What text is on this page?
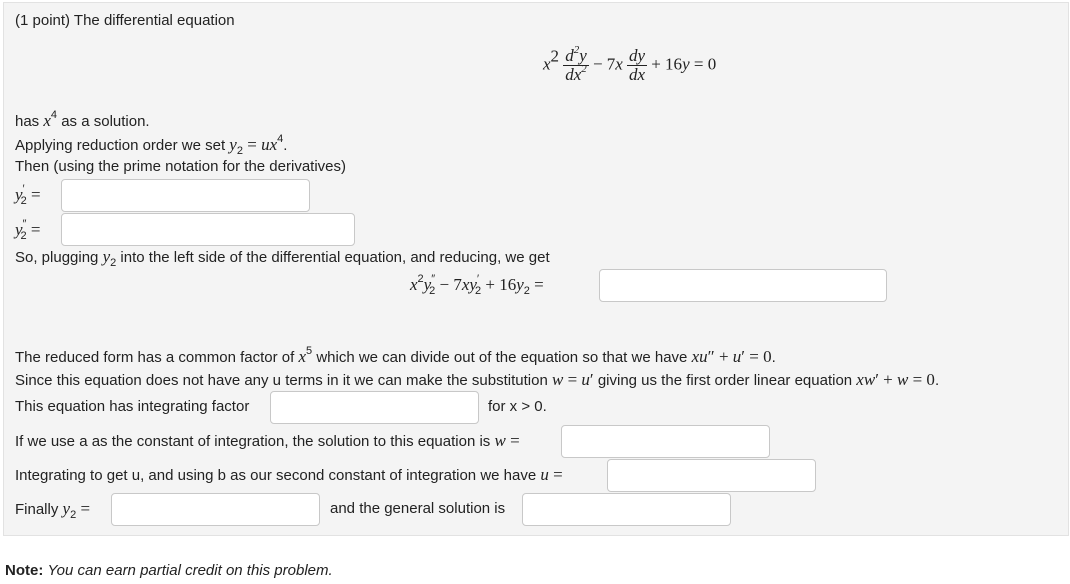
(1 point) The differential equation
$x^2 \frac{d^2y}{dx^2} - 7x \frac{dy}{dx} + 16y = 0$
has $x^4$ as a solution.
Applying reduction order we set $y_2 = ux^4$.
Then (using the prime notation for the derivatives)
$y'_2$ =
$y''_2$ =
So, plugging $y_2$ into the left side of the differential equation, and reducing, we get
$x^2y''_2 - 7xy'_2 + 16y_2$ =
The reduced form has a common factor of $x^5$ which we can divide out of the equation so that we have xu″ + u′ = 0.
Since this equation does not have any u terms in it we can make the substitution w = u′ giving us the first order linear equation xw′ + w = 0.
This equation has integrating factor	for x > 0.
If we use a as the constant of integration, the solution to this equation is w =
Integrating to get u, and using b as our second constant of integration we have u =
Finally $y_2$ =	and the general solution is
Note: You can earn partial credit on this problem.
